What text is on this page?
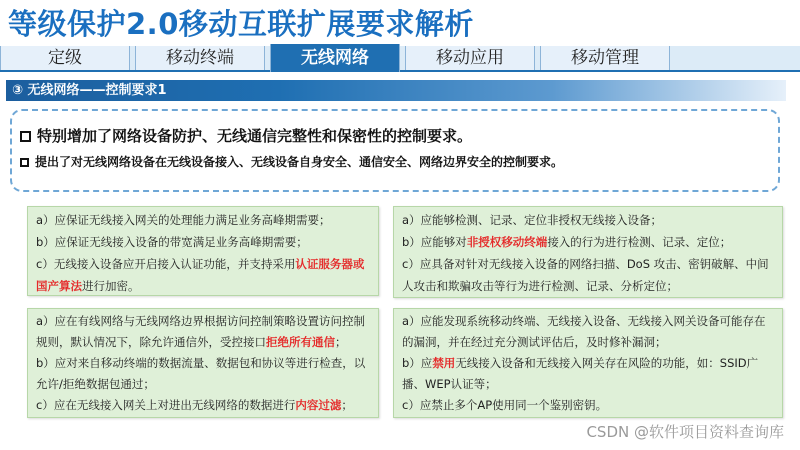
等级保护2.0移动互联扩展要求解析
定级	移动终端	无线网络	移动应用	移动管理
③ 无线网络——控制要求1
特别增加了网络设备防护、无线通信完整性和保密性的控制要求。
提出了对无线网络设备在无线设备接入、无线设备自身安全、通信安全、网络边界安全的控制要求。
a）应保证无线接入网关的处理能力满足业务高峰期需要；
b）应保证无线接入设备的带宽满足业务高峰期需要；
c）无线接入设备应开启接入认证功能，并支持采用认证服务器或国产算法进行加密。
a）应能够检测、记录、定位非授权无线接入设备；
b）应能够对非授权移动终端接入的行为进行检测、记录、定位；
c）应具备对针对无线接入设备的网络扫描、DoS 攻击、密钥破解、中间人攻击和欺骗攻击等行为进行检测、记录、分析定位；
a）应在有线网络与无线网络边界根据访问控制策略设置访问控制规则，默认情况下，除允许通信外，受控接口拒绝所有通信；
b）应对来自移动终端的数据流量、数据包和协议等进行检查，以允许/拒绝数据包通过；
c）应在无线接入网关上对进出无线网络的数据进行内容过滤；
a）应能发现系统移动终端、无线接入设备、无线接入网关设备可能存在的漏洞，并在经过充分测试评估后，及时修补漏洞；
b）应禁用无线接入设备和无线接入网关存在风险的功能，如：SSID广播、WEP认证等；
c）应禁止多个AP使用同一个鉴别密钥。
CSDN @软件项目资料查询库
